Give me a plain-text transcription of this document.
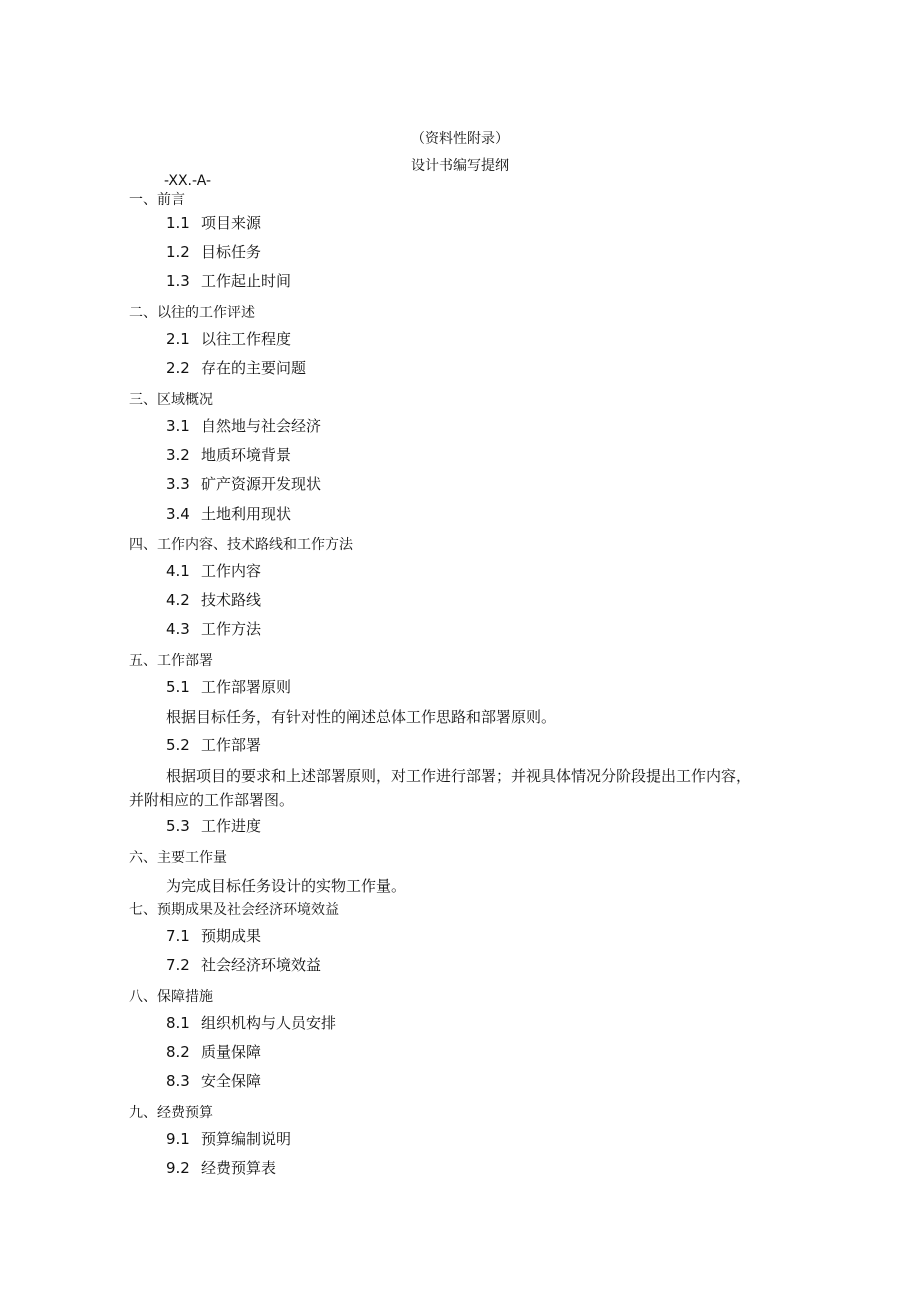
（资料性附录）
设计书编写提纲
-XX.-A-
一、前言
1.1 项目来源
1.2 目标任务
1.3 工作起止时间
二、以往的工作评述
2.1 以往工作程度
2.2 存在的主要问题
三、区域概况
3.1 自然地与社会经济
3.2 地质环境背景
3.3 矿产资源开发现状
3.4 土地利用现状
四、工作内容、技术路线和工作方法
4.1 工作内容
4.2 技术路线
4.3 工作方法
五、工作部署
5.1 工作部署原则
根据目标任务，有针对性的阐述总体工作思路和部署原则。
5.2 工作部署
根据项目的要求和上述部署原则，对工作进行部署；并视具体情况分阶段提出工作内容，
并附相应的工作部署图。
5.3 工作进度
六、主要工作量
为完成目标任务设计的实物工作量。
七、预期成果及社会经济环境效益
7.1 预期成果
7.2 社会经济环境效益
八、保障措施
8.1 组织机构与人员安排
8.2 质量保障
8.3 安全保障
九、经费预算
9.1 预算编制说明
9.2 经费预算表
